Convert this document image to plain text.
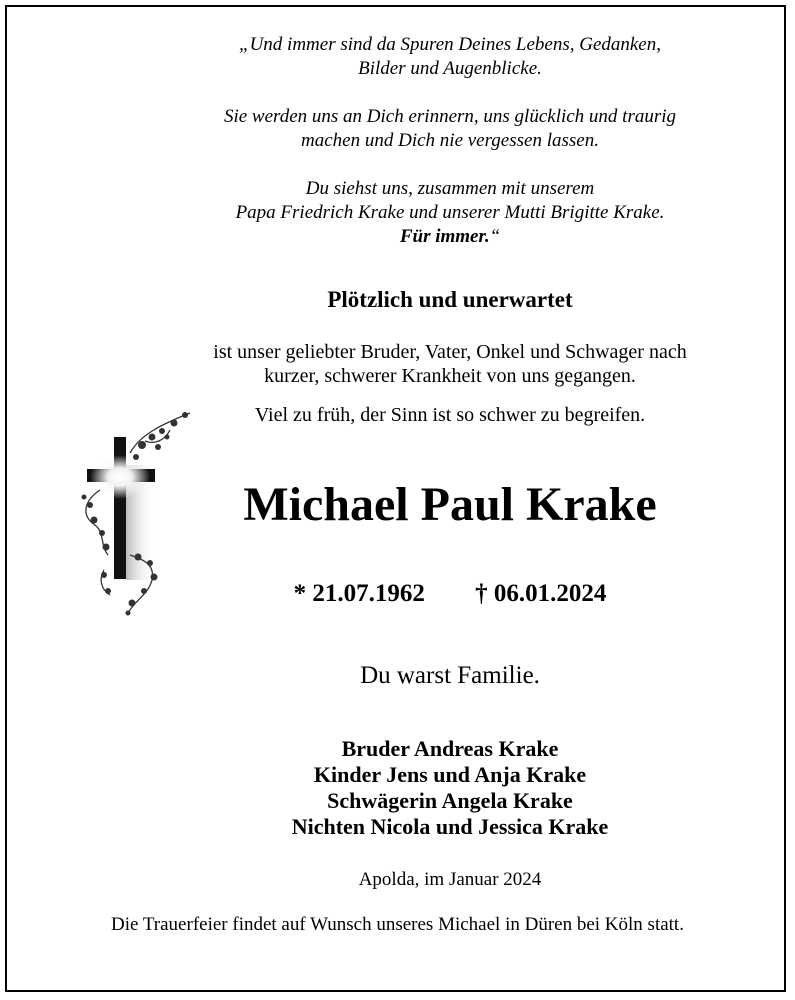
„Und immer sind da Spuren Deines Lebens, Gedanken,
Bilder und Augenblicke.

Sie werden uns an Dich erinnern, uns glücklich und traurig
machen und Dich nie vergessen lassen.

Du siehst uns, zusammen mit unserem
Papa Friedrich Krake und unserer Mutti Brigitte Krake.
Für immer.“

Plötzlich und unerwartet

ist unser geliebter Bruder, Vater, Onkel und Schwager nach
kurzer, schwerer Krankheit von uns gegangen.

Viel zu früh, der Sinn ist so schwer zu begreifen.

Michael Paul Krake
* 21.07.1962 † 06.01.2024
Du warst Familie.
Bruder Andreas Krake
Kinder Jens und Anja Krake
Schwägerin Angela Krake
Nichten Nicola und Jessica Krake
Apolda, im Januar 2024
Die Trauerfeier findet auf Wunsch unseres Michael in Düren bei Köln statt.
